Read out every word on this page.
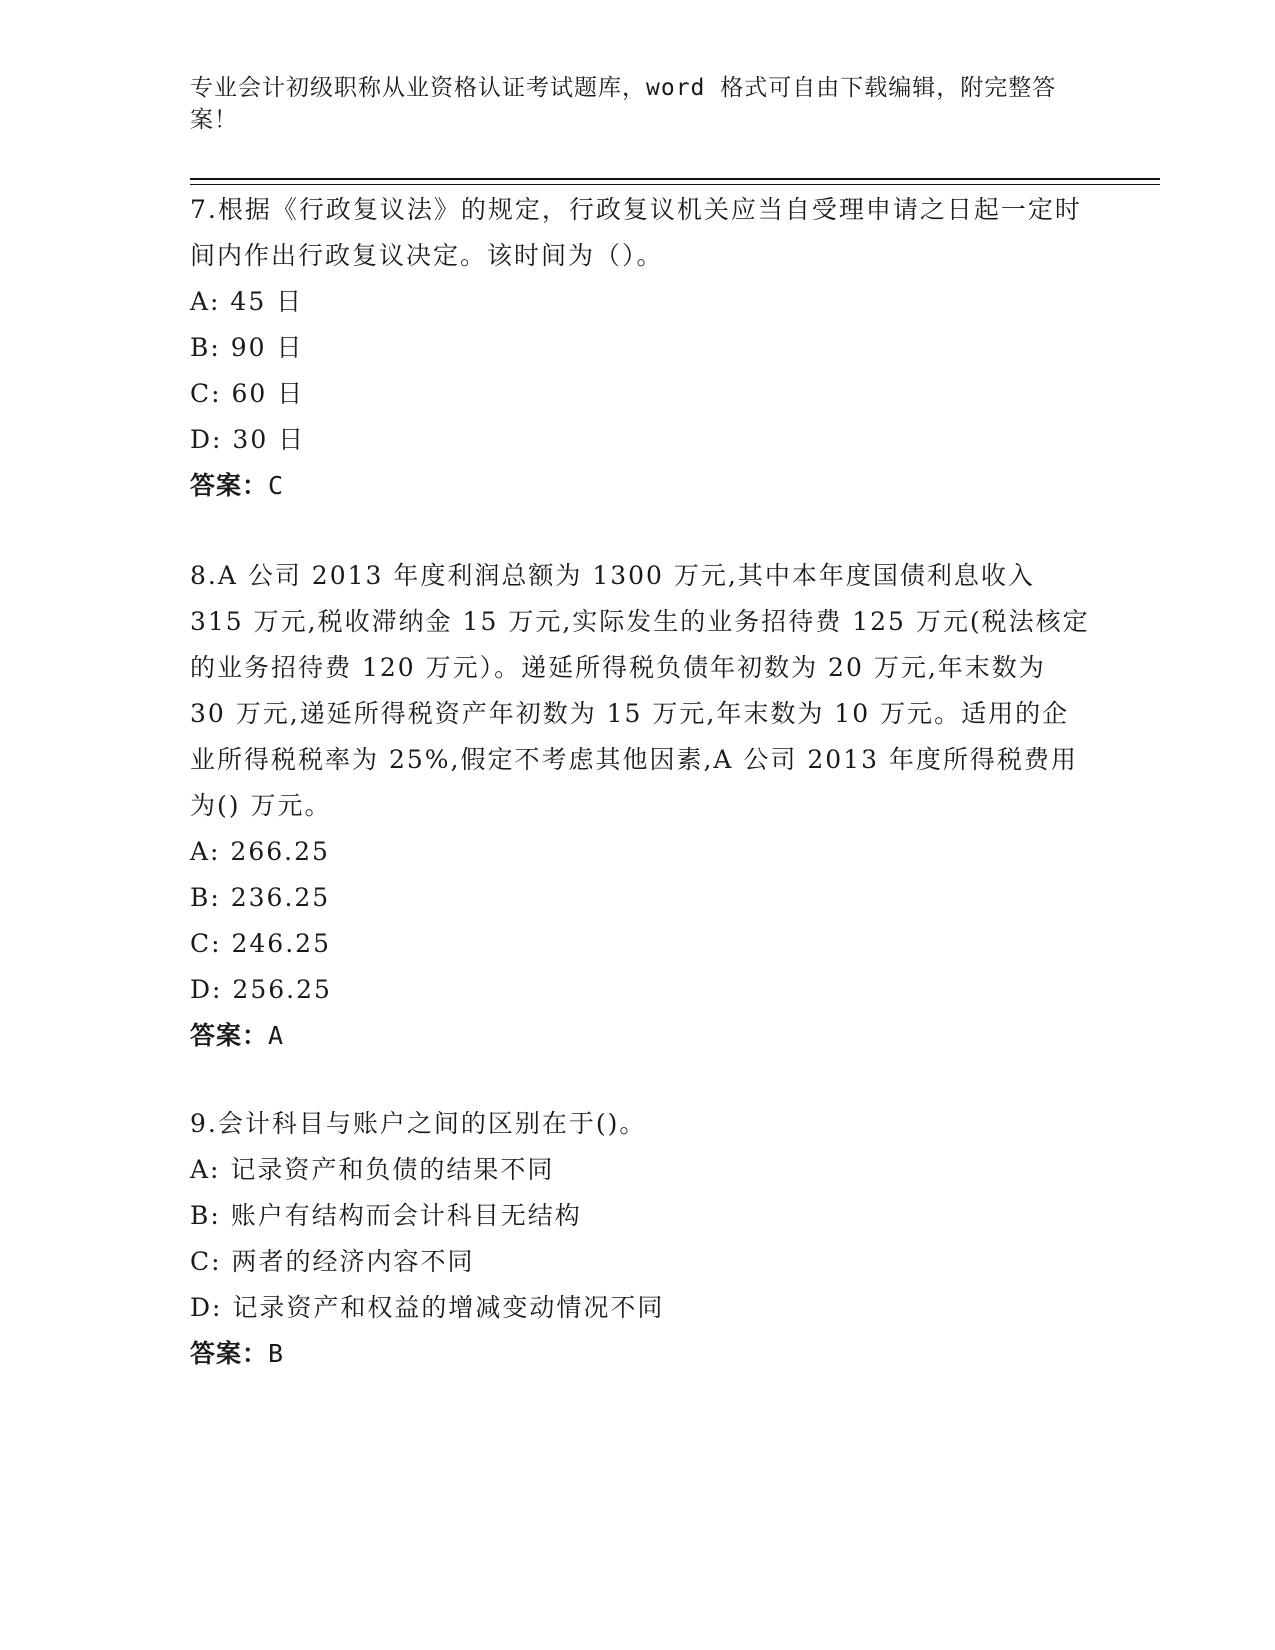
专业会计初级职称从业资格认证考试题库，word 格式可自由下载编辑，附完整答案！
7.根据《行政复议法》的规定，行政复议机关应当自受理申请之日起一定时间内作出行政复议决定。该时间为（）。
A: 45 日
B: 90 日
C: 60 日
D: 30 日
答案：C
8.A 公司 2013 年度利润总额为 1300 万元,其中本年度国债利息收入 315 万元,税收滞纳金 15 万元,实际发生的业务招待费 125 万元(税法核定的业务招待费 120 万元）。递延所得税负债年初数为 20 万元,年末数为 30 万元,递延所得税资产年初数为 15 万元,年末数为 10 万元。适用的企业所得税税率为 25%,假定不考虑其他因素,A 公司 2013 年度所得税费用为() 万元。
A: 266.25
B: 236.25
C: 246.25
D: 256.25
答案：A
9.会计科目与账户之间的区别在于()。
A: 记录资产和负债的结果不同
B: 账户有结构而会计科目无结构
C: 两者的经济内容不同
D: 记录资产和权益的增减变动情况不同
答案：B
